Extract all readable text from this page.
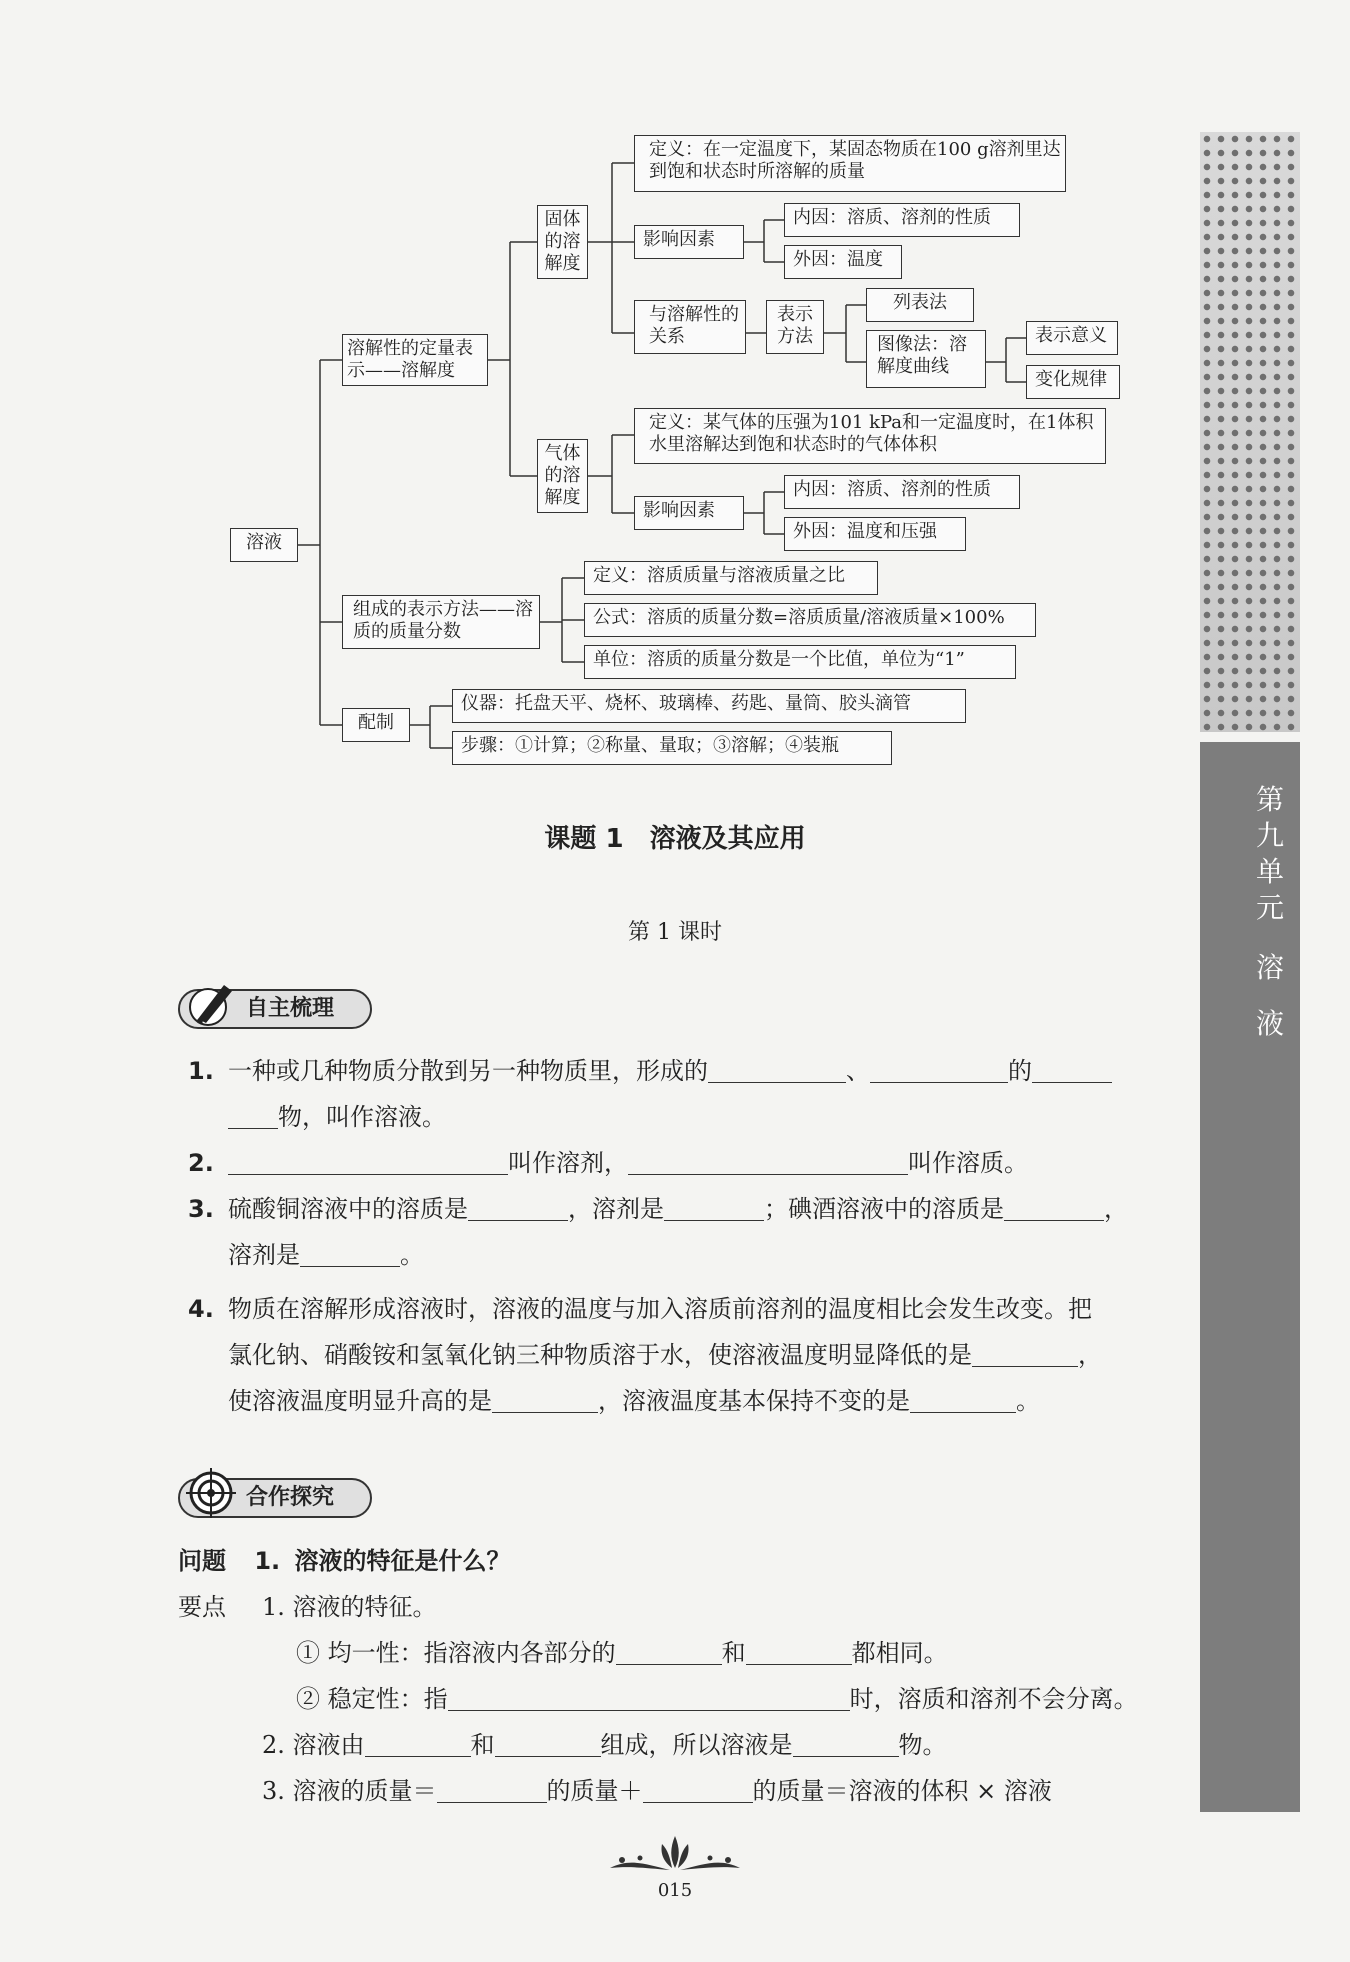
第九单元
溶
液
溶液
溶解性的定量表示——溶解度
固体的溶解度
定义：在一定温度下，某固态物质在100 g溶剂里达到饱和状态时所溶解的质量
影响因素
内因：溶质、溶剂的性质
外因：温度
与溶解性的关系
表示方法
列表法
图像法：溶解度曲线
表示意义
变化规律
气体的溶解度
定义：某气体的压强为101 kPa和一定温度时，在1体积水里溶解达到饱和状态时的气体体积
影响因素
内因：溶质、溶剂的性质
外因：温度和压强
组成的表示方法——溶质的质量分数
定义：溶质质量与溶液质量之比
公式：溶质的质量分数=溶质质量/溶液质量×100%
单位：溶质的质量分数是一个比值，单位为“1”
配制
仪器：托盘天平、烧杯、玻璃棒、药匙、量筒、胶头滴管
步骤：①计算；②称量、量取；③溶解；④装瓶
课题 1　溶液及其应用
第 1 课时
自主梳理
1. 一种或几种物质分散到另一种物质里，形成的	、	的
物，叫作溶液。
2.	叫作溶剂，	叫作溶质。
3. 硫酸铜溶液中的溶质是	，溶剂是	；碘酒溶液中的溶质是	，
溶剂是	。
4. 物质在溶解形成溶液时，溶液的温度与加入溶质前溶剂的温度相比会发生改变。把
氯化钠、硝酸铵和氢氧化钠三种物质溶于水，使溶液温度明显降低的是	，
使溶液温度明显升高的是	，溶液温度基本保持不变的是	。
合作探究
问题 1. 溶液的特征是什么？
要点 1. 溶液的特征。
① 均一性：指溶液内各部分的	和	都相同。
② 稳定性：指	时，溶质和溶剂不会分离。
2. 溶液由	和	组成，所以溶液是	物。
3. 溶液的质量＝	的质量＋	的质量＝溶液的体积 × 溶液
015
